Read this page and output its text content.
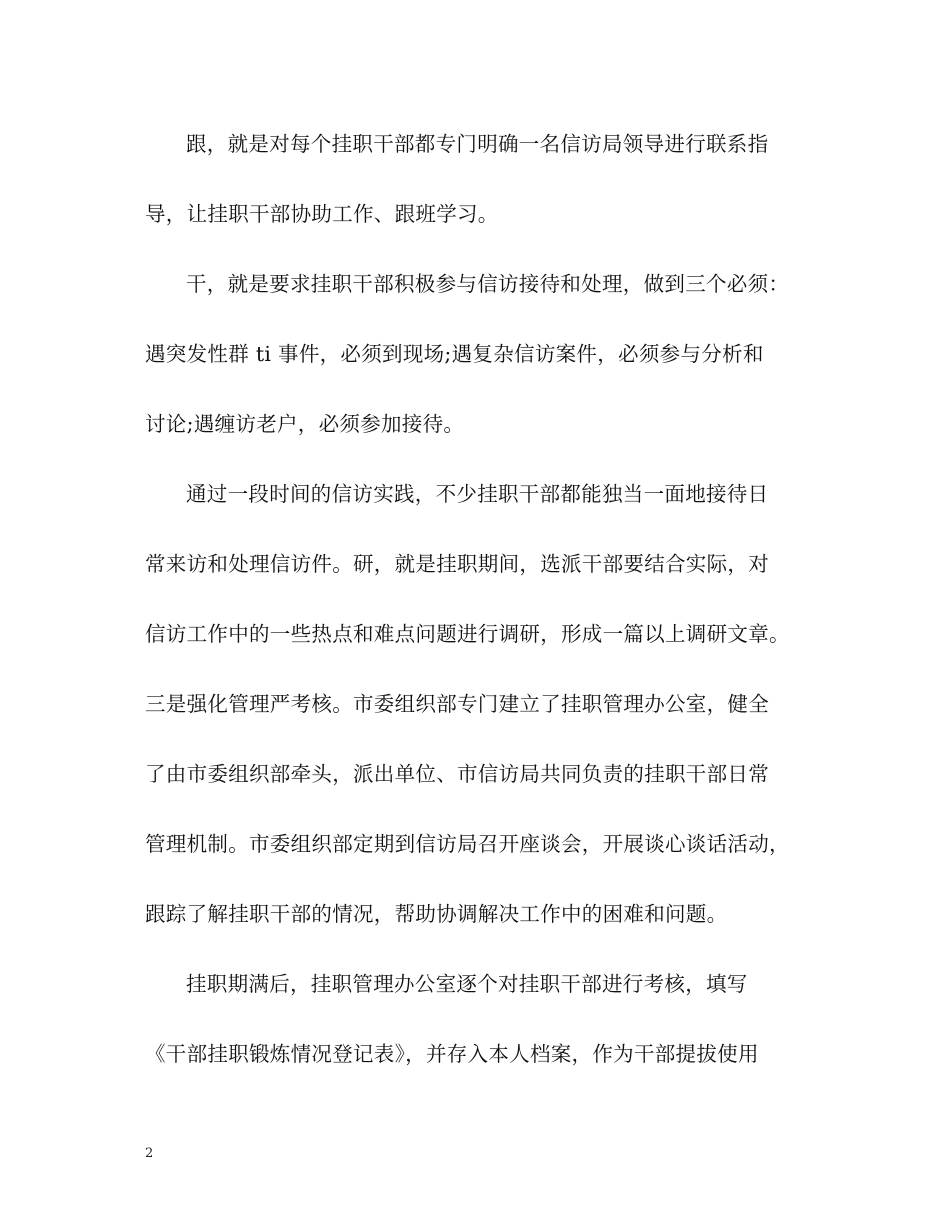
跟，就是对每个挂职干部都专门明确一名信访局领导进行联系指
导，让挂职干部协助工作、跟班学习。
干，就是要求挂职干部积极参与信访接待和处理，做到三个必须：
遇突发性群 ti 事件，必须到现场;遇复杂信访案件，必须参与分析和
讨论;遇缠访老户，必须参加接待。
通过一段时间的信访实践，不少挂职干部都能独当一面地接待日
常来访和处理信访件。研，就是挂职期间，选派干部要结合实际，对
信访工作中的一些热点和难点问题进行调研，形成一篇以上调研文章。
三是强化管理严考核。市委组织部专门建立了挂职管理办公室，健全
了由市委组织部牵头，派出单位、市信访局共同负责的挂职干部日常
管理机制。市委组织部定期到信访局召开座谈会，开展谈心谈话活动，
跟踪了解挂职干部的情况，帮助协调解决工作中的困难和问题。
挂职期满后，挂职管理办公室逐个对挂职干部进行考核，填写
《干部挂职锻炼情况登记表》，并存入本人档案，作为干部提拔使用
2
